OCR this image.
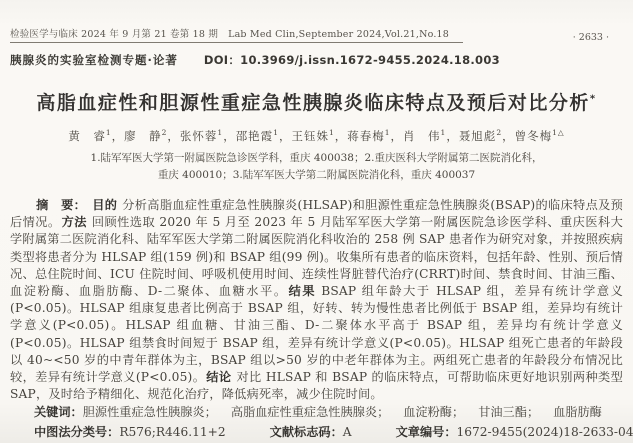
检验医学与临床 2024 年 9 月第 21 卷第 18 期 Lab Med Clin,September 2024,Vol.21,No.18	· 2633 ·
胰腺炎的实验室检测专题·论著 DOI：10.3969/j.issn.1672-9455.2024.18.003
高脂血症性和胆源性重症急性胰腺炎临床特点及预后对比分析*
黄　睿$^1$，廖　静$^2$，张怀蓉$^1$，邵艳霞$^1$，王钰姝$^1$，蒋春梅$^1$，肖　伟$^1$，聂旭彪$^2$，曾冬梅$^{1\triangle}$
1.陆军军医大学第一附属医院急诊医学科，重庆 400038；2.重庆医科大学附属第二医院消化科，
重庆 400010；3.陆军军医大学第二附属医院消化科，重庆 400037

摘　要： 目的 分析高脂血症性重症急性胰腺炎(HLSAP)和胆源性重症急性胰腺炎(BSAP)的临床特点及预后情况。方法 回顾性选取 2020 年 5 月至 2023 年 5 月陆军军医大学第一附属医院急诊医学科、重庆医科大学附属第二医院消化科、陆军军医大学第二附属医院消化科收治的 258 例 SAP 患者作为研究对象，并按照疾病类型将患者分为 HLSAP 组(159 例)和 BSAP 组(99 例)。收集所有患者的临床资料，包括年龄、性别、预后情况、总住院时间、ICU 住院时间、呼吸机使用时间、连续性肾脏替代治疗(CRRT)时间、禁食时间、甘油三酯、血淀粉酶、血脂肪酶、D-二聚体、血糖水平。结果 BSAP 组年龄大于 HLSAP 组，差异有统计学意义(P<0.05)。HLSAP 组康复患者比例高于 BSAP 组，好转、转为慢性患者比例低于 BSAP 组，差异均有统计学意义(P<0.05)。HLSAP 组血糖、甘油三酯、D-二聚体水平高于 BSAP 组，差异均有统计学意义(P<0.05)。HLSAP 组禁食时间短于 BSAP 组，差异有统计学意义(P<0.05)。HLSAP 组死亡患者的年龄段以 40~<50 岁的中青年群体为主，BSAP 组以>50 岁的中老年群体为主。两组死亡患者的年龄段分布情况比较，差异有统计学意义(P<0.05)。结论 对比 HLSAP 和 BSAP 的临床特点，可帮助临床更好地识别两种类型 SAP，及时给予精细化、规范化治疗，降低病死率，减少住院时间。

关键词：胆源性重症急性胰腺炎； 高脂血症性重症急性胰腺炎； 血淀粉酶； 甘油三酯； 血脂肪酶

中图法分类号：R576;R446.11+2	文献标志码：A	文章编号：1672-9455(2024)18-2633-04
